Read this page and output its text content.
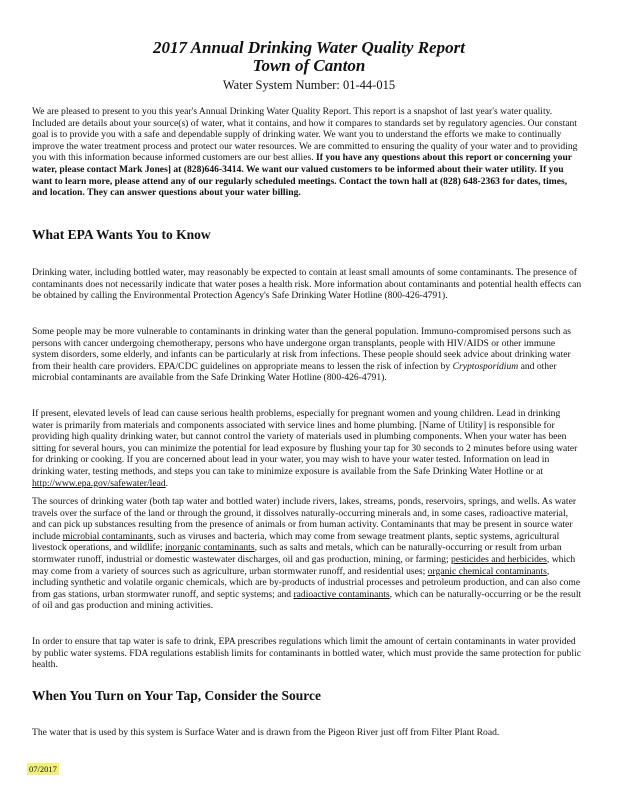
2017 Annual Drinking Water Quality Report
Town of Canton
Water System Number: 01-44-015
We are pleased to present to you this year's Annual Drinking Water Quality Report. This report is a snapshot of last year's water quality. Included are details about your source(s) of water, what it contains, and how it compares to standards set by regulatory agencies. Our constant goal is to provide you with a safe and dependable supply of drinking water. We want you to understand the efforts we make to continually improve the water treatment process and protect our water resources. We are committed to ensuring the quality of your water and to providing you with this information because informed customers are our best allies. If you have any questions about this report or concerning your water, please contact Mark Jones] at (828)646-3414. We want our valued customers to be informed about their water utility. If you want to learn more, please attend any of our regularly scheduled meetings. Contact the town hall at (828) 648-2363 for dates, times, and location. They can answer questions about your water billing.
What EPA Wants You to Know
Drinking water, including bottled water, may reasonably be expected to contain at least small amounts of some contaminants. The presence of contaminants does not necessarily indicate that water poses a health risk. More information about contaminants and potential health effects can be obtained by calling the Environmental Protection Agency's Safe Drinking Water Hotline (800-426-4791).
Some people may be more vulnerable to contaminants in drinking water than the general population. Immuno-compromised persons such as persons with cancer undergoing chemotherapy, persons who have undergone organ transplants, people with HIV/AIDS or other immune system disorders, some elderly, and infants can be particularly at risk from infections. These people should seek advice about drinking water from their health care providers. EPA/CDC guidelines on appropriate means to lessen the risk of infection by Cryptosporidium and other microbial contaminants are available from the Safe Drinking Water Hotline (800-426-4791).
If present, elevated levels of lead can cause serious health problems, especially for pregnant women and young children. Lead in drinking water is primarily from materials and components associated with service lines and home plumbing. [Name of Utility] is responsible for providing high quality drinking water, but cannot control the variety of materials used in plumbing components. When your water has been sitting for several hours, you can minimize the potential for lead exposure by flushing your tap for 30 seconds to 2 minutes before using water for drinking or cooking. If you are concerned about lead in your water, you may wish to have your water tested. Information on lead in drinking water, testing methods, and steps you can take to minimize exposure is available from the Safe Drinking Water Hotline or at http://www.epa.gov/safewater/lead.
The sources of drinking water (both tap water and bottled water) include rivers, lakes, streams, ponds, reservoirs, springs, and wells. As water travels over the surface of the land or through the ground, it dissolves naturally-occurring minerals and, in some cases, radioactive material, and can pick up substances resulting from the presence of animals or from human activity. Contaminants that may be present in source water include microbial contaminants, such as viruses and bacteria, which may come from sewage treatment plants, septic systems, agricultural livestock operations, and wildlife; inorganic contaminants, such as salts and metals, which can be naturally-occurring or result from urban stormwater runoff, industrial or domestic wastewater discharges, oil and gas production, mining, or farming; pesticides and herbicides, which may come from a variety of sources such as agriculture, urban stormwater runoff, and residential uses; organic chemical contaminants, including synthetic and volatile organic chemicals, which are by-products of industrial processes and petroleum production, and can also come from gas stations, urban stormwater runoff, and septic systems; and radioactive contaminants, which can be naturally-occurring or be the result of oil and gas production and mining activities.
In order to ensure that tap water is safe to drink, EPA prescribes regulations which limit the amount of certain contaminants in water provided by public water systems. FDA regulations establish limits for contaminants in bottled water, which must provide the same protection for public health.
When You Turn on Your Tap, Consider the Source
The water that is used by this system is Surface Water and is drawn from the Pigeon River just off from Filter Plant Road.
07/2017
